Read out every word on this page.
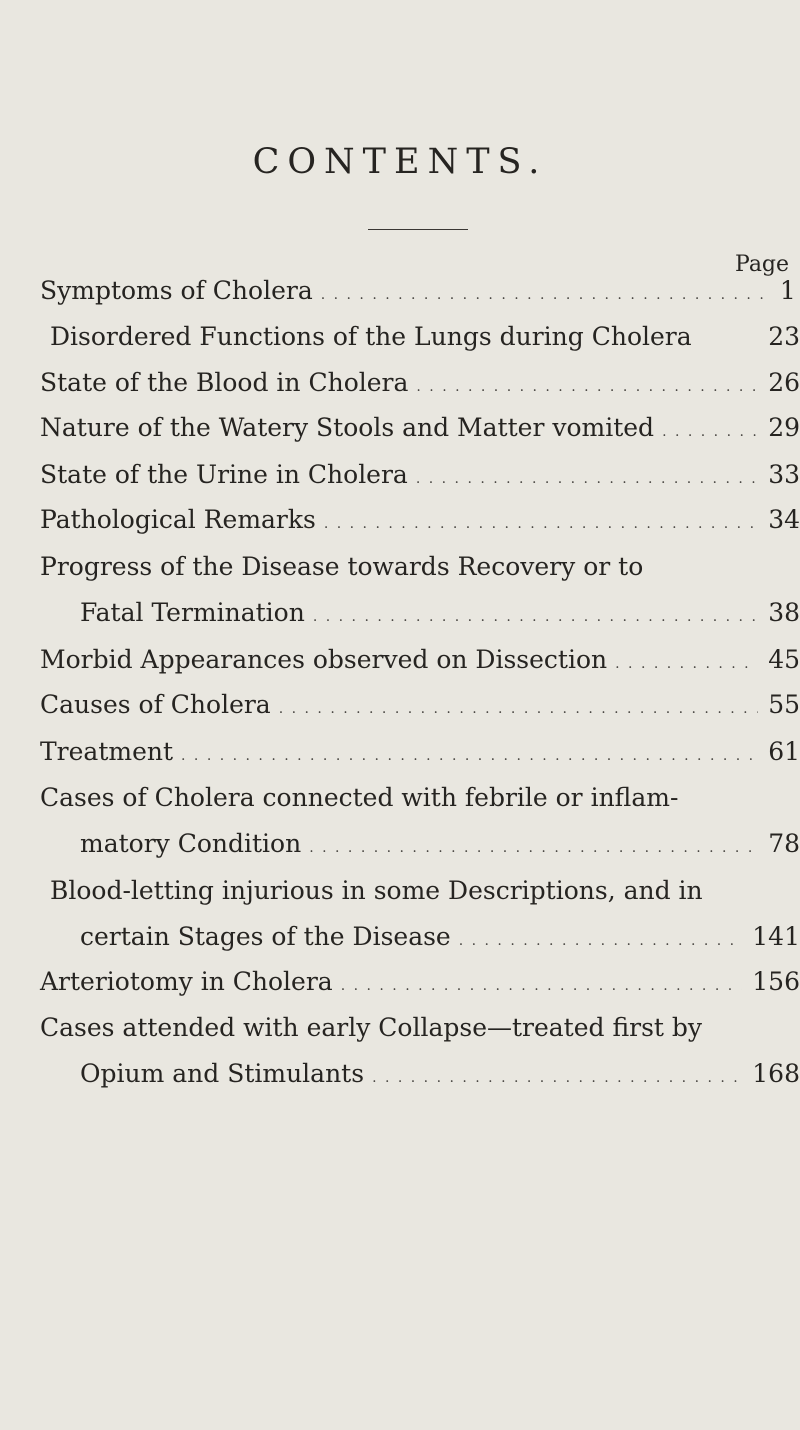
CONTENTS.
Page
Symptoms of Cholera . . .	1
Disordered Functions of the Lungs during Cholera	23
State of the Blood in Cholera . . .	26
Nature of the Watery Stools and Matter vomited . . .	29
State of the Urine in Cholera . . .	33
Pathological Remarks . . .	34
Progress of the Disease towards Recovery or to
Fatal Termination . . .	38
Morbid Appearances observed on Dissection . . .	45
Causes of Cholera . . .	55
Treatment . . .	61
Cases of Cholera connected with febrile or inflam-
matory Condition . . .	78
Blood-letting injurious in some Descriptions, and in
certain Stages of the Disease . . .	141
Arteriotomy in Cholera . . .	156
Cases attended with early Collapse—treated first by
Opium and Stimulants . . .	168
